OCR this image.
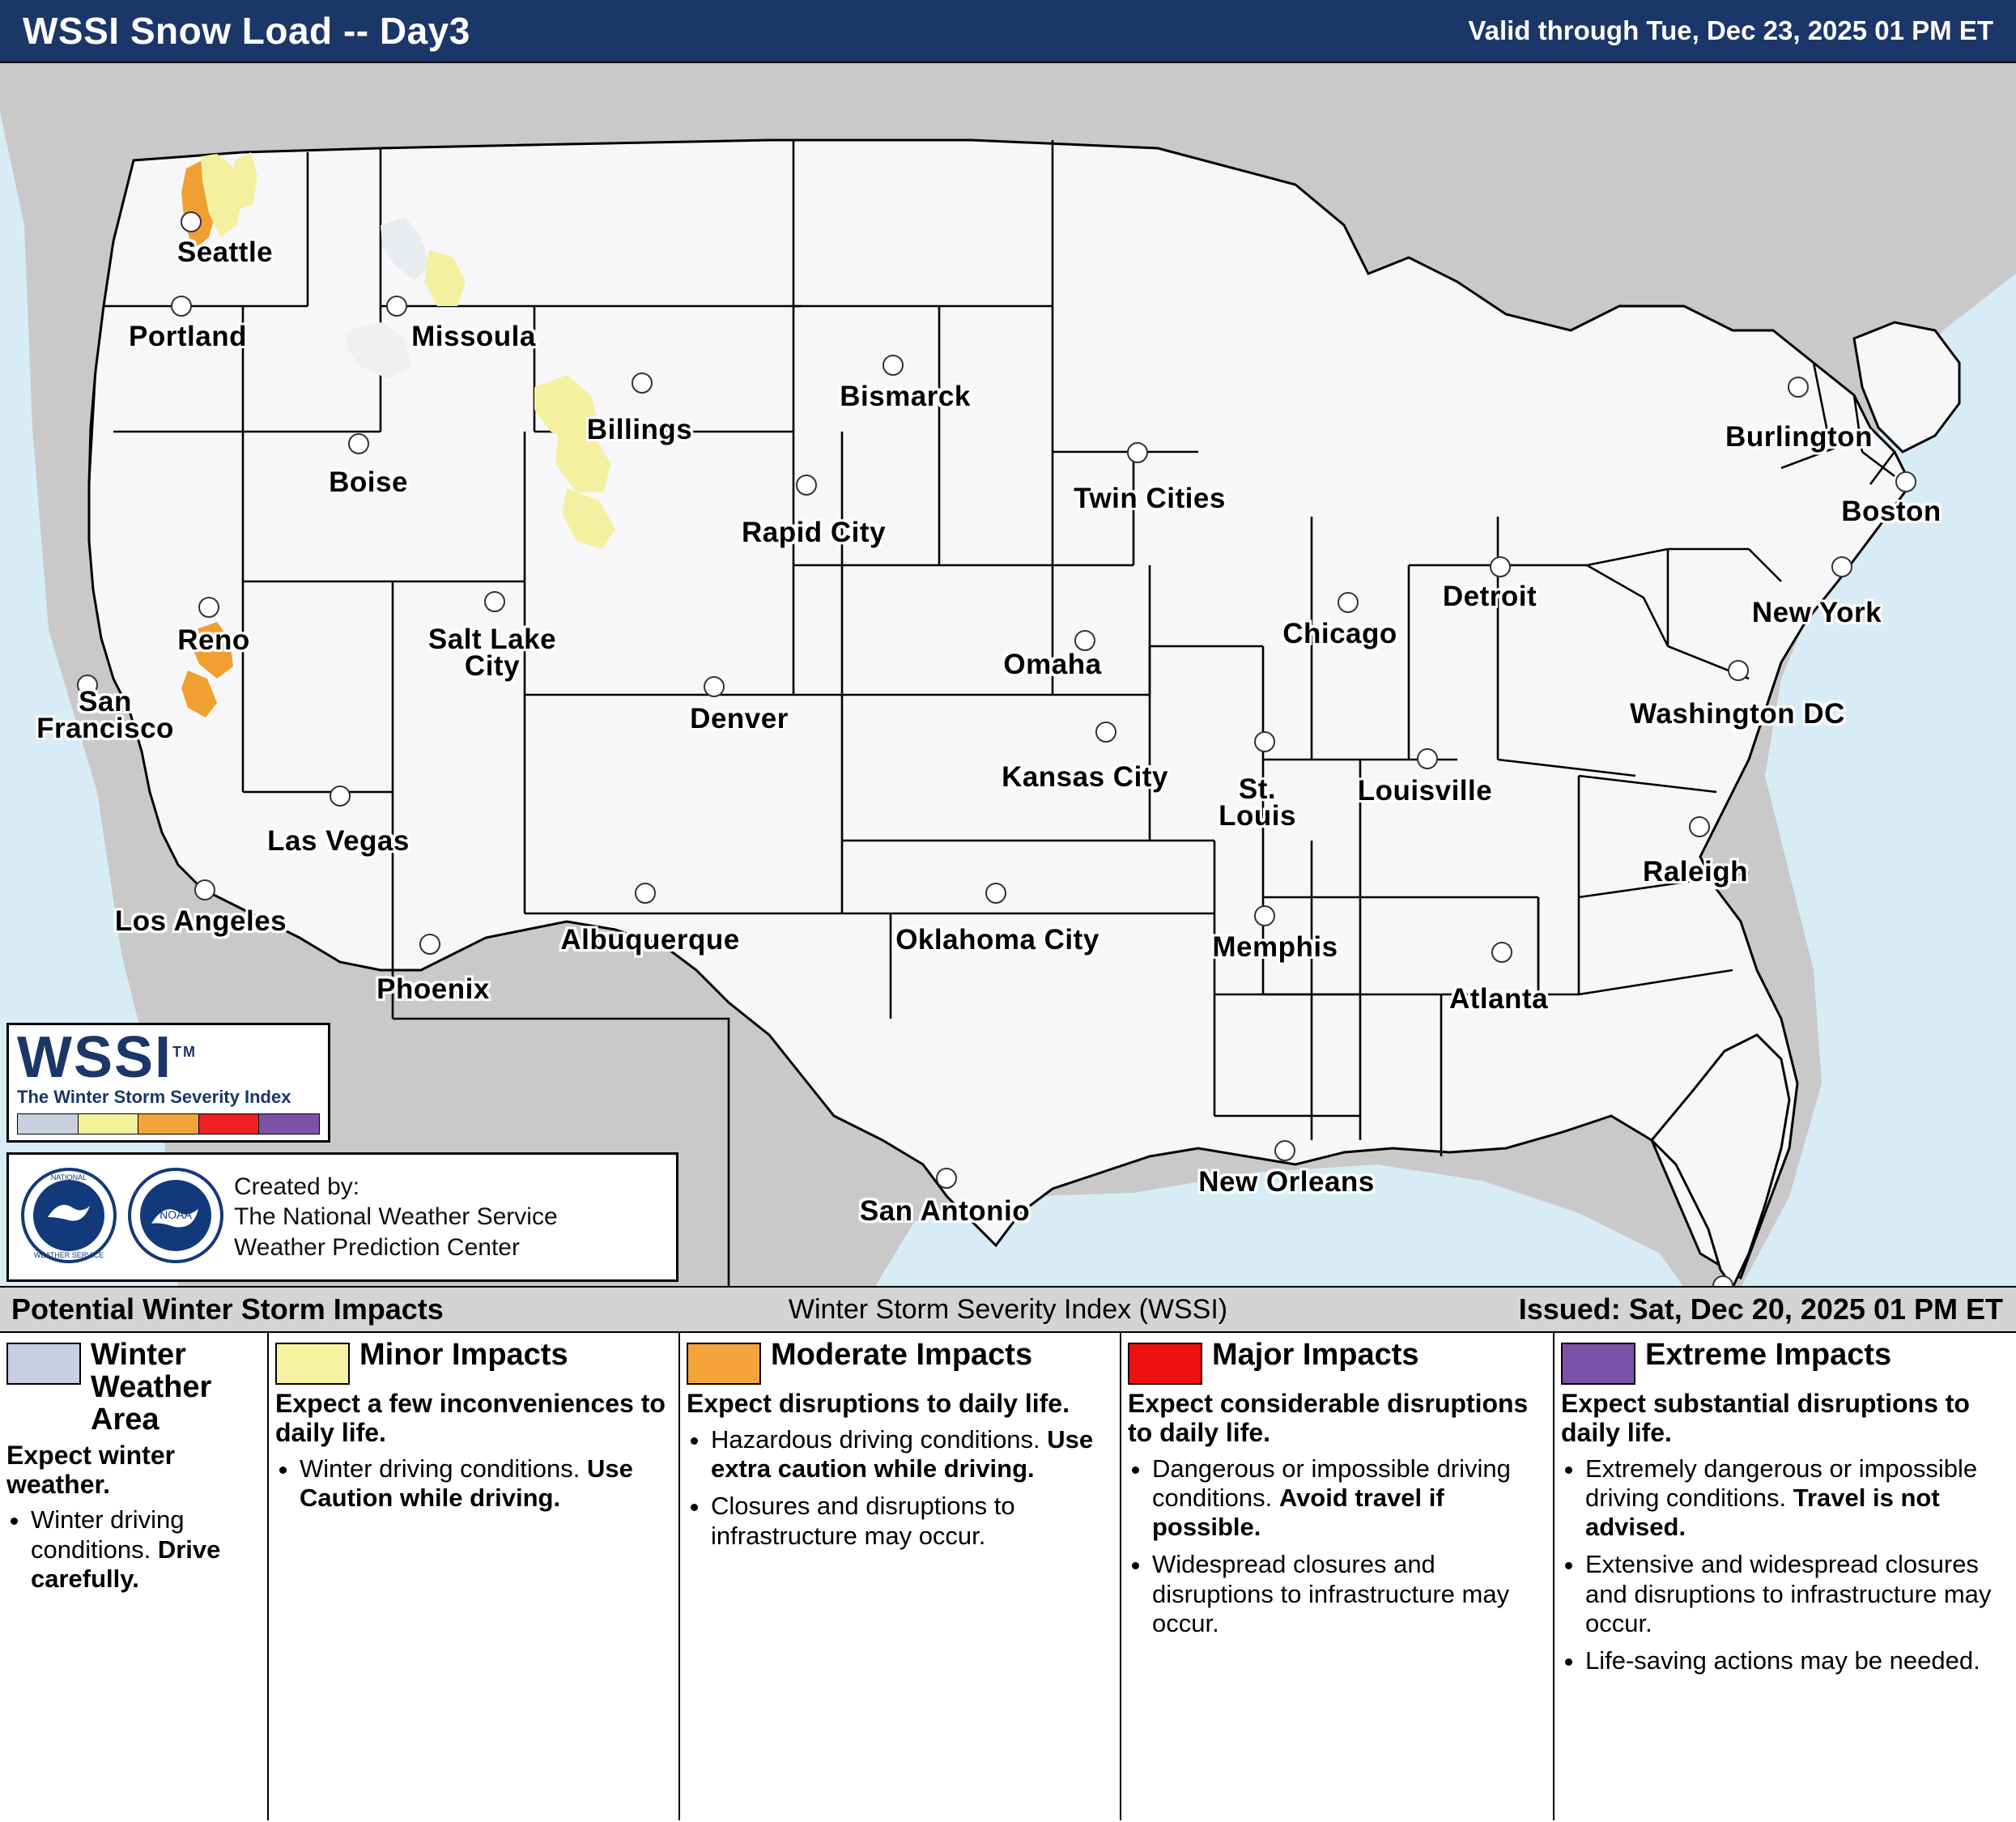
WSSI Snow Load -- Day3	Valid through Tue, Dec 23, 2025 01 PM ET
Seattle
Portland	Missoula
Boise
Billings
Bismarck
Rapid City
Twin Cities
Reno	Salt Lake
City
San
Francisco	Denver
Omaha
Chicago
Detroit
Burlington
Boston
New York
Washington DC
Kansas City	St.
Louis
Louisville
Raleigh
Las Vegas
Los Angeles
Phoenix
Albuquerque	Oklahoma City	Memphis
Atlanta
San Antonio
New Orleans
WSSI™
The Winter Storm Severity Index
NATIONAL
WEATHER SERVICE
NOAA
Created by:
The National Weather Service
Weather Prediction Center
Potential Winter Storm Impacts	Winter Storm Severity Index (WSSI)	Issued: Sat, Dec 20, 2025 01 PM ET
Winter Weather Area
Expect winter weather.
• Winter driving conditions. Drive carefully.
Minor Impacts
Expect a few inconveniences to daily life.
• Winter driving conditions. Use Caution while driving.
Moderate Impacts
Expect disruptions to daily life.
• Hazardous driving conditions. Use extra caution while driving.
• Closures and disruptions to infrastructure may occur.
Major Impacts
Expect considerable disruptions to daily life.
• Dangerous or impossible driving conditions. Avoid travel if possible.
• Widespread closures and disruptions to infrastructure may occur.
Extreme Impacts
Expect substantial disruptions to daily life.
• Extremely dangerous or impossible driving conditions. Travel is not advised.
• Extensive and widespread closures and disruptions to infrastructure may occur.
• Life-saving actions may be needed.
